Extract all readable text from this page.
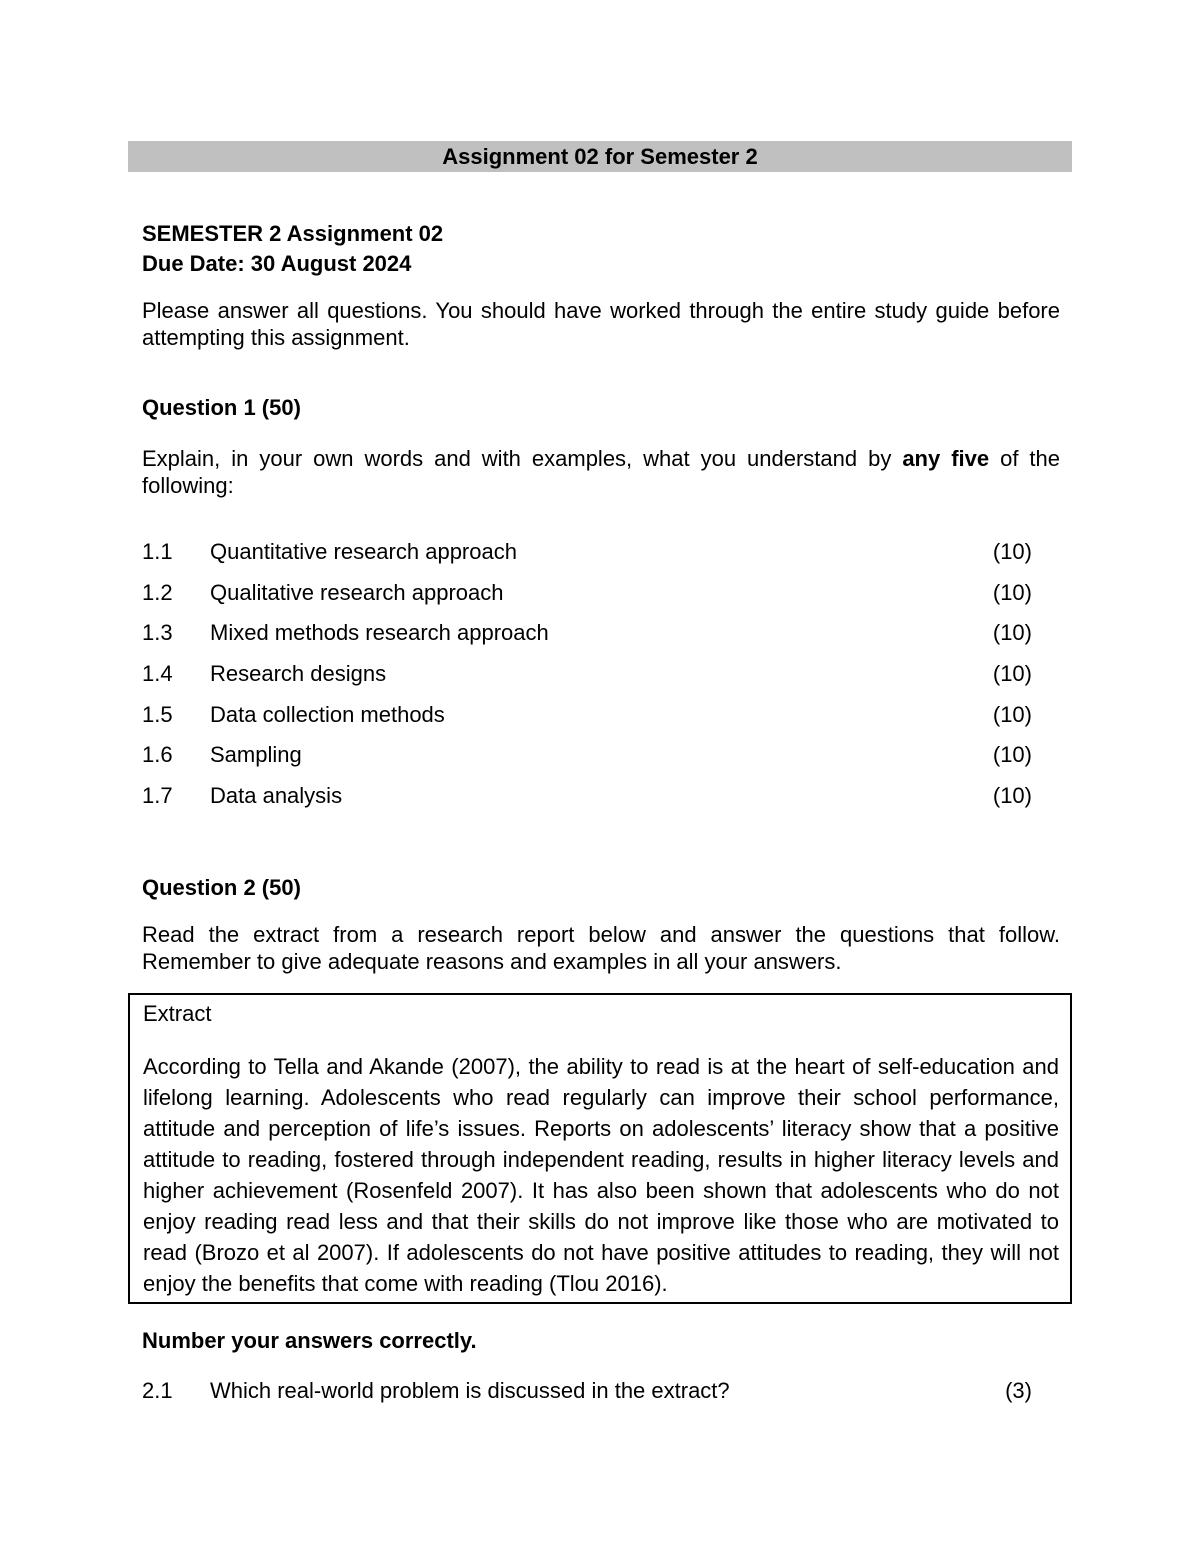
Assignment 02 for Semester 2
SEMESTER 2 Assignment 02
Due Date: 30 August 2024
Please answer all questions. You should have worked through the entire study guide before attempting this assignment.
Question 1 (50)
Explain, in your own words and with examples, what you understand by any five of the following:
1.1 Quantitative research approach	(10)
1.2 Qualitative research approach	(10)
1.3 Mixed methods research approach	(10)
1.4 Research designs	(10)
1.5 Data collection methods	(10)
1.6 Sampling	(10)
1.7 Data analysis	(10)
Question 2 (50)
Read the extract from a research report below and answer the questions that follow. Remember to give adequate reasons and examples in all your answers.
Extract
According to Tella and Akande (2007), the ability to read is at the heart of self-education and lifelong learning. Adolescents who read regularly can improve their school performance, attitude and perception of life’s issues. Reports on adolescents’ literacy show that a positive attitude to reading, fostered through independent reading, results in higher literacy levels and higher achievement (Rosenfeld 2007). It has also been shown that adolescents who do not enjoy reading read less and that their skills do not improve like those who are motivated to read (Brozo et al 2007). If adolescents do not have positive attitudes to reading, they will not enjoy the benefits that come with reading (Tlou 2016).
Number your answers correctly.
2.1 Which real-world problem is discussed in the extract?	(3)
